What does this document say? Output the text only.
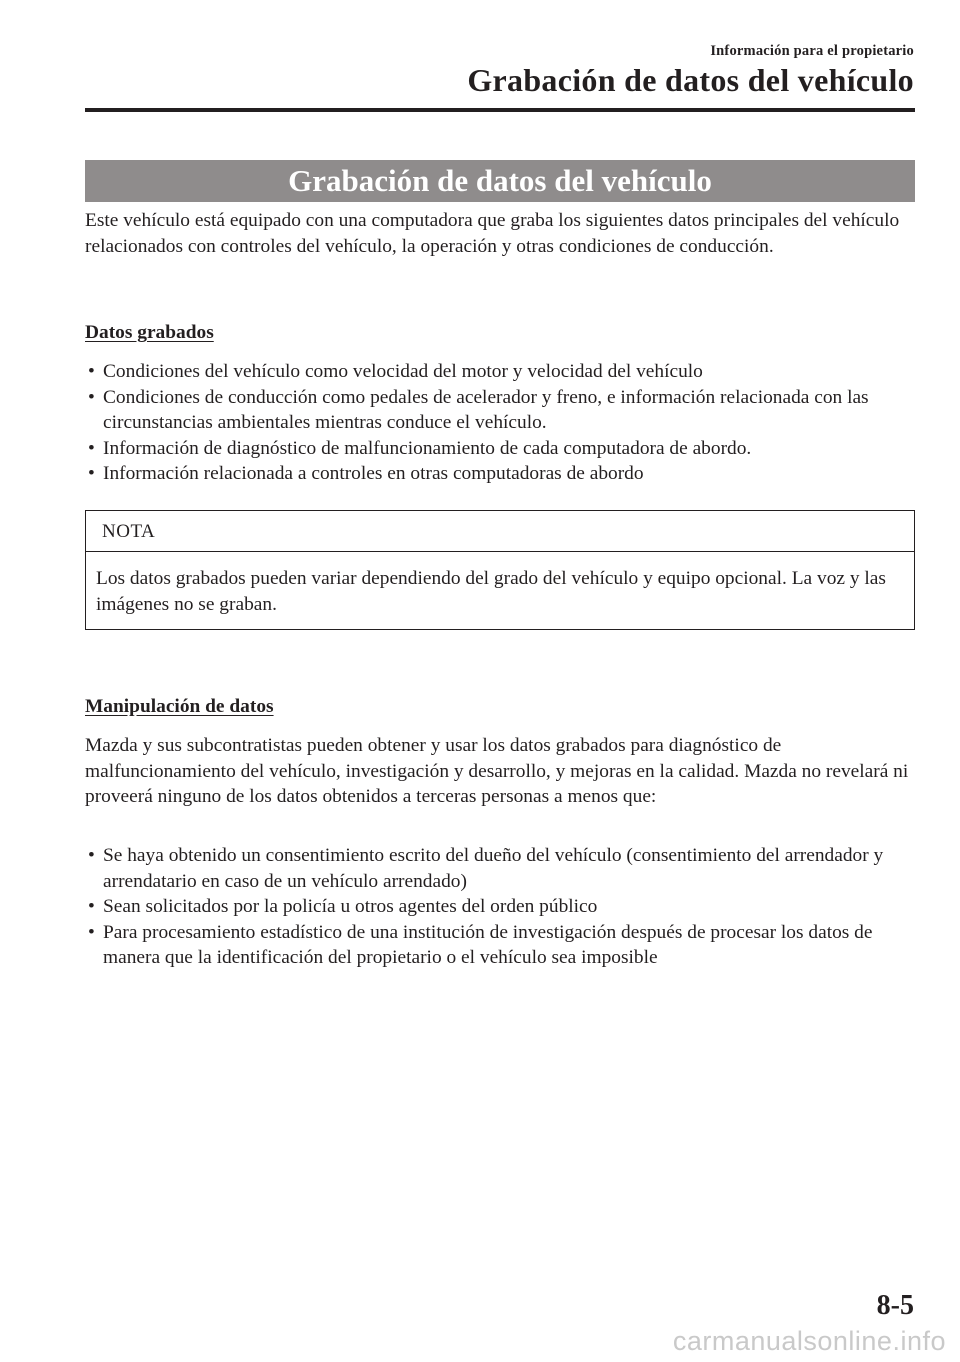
Información para el propietario
Grabación de datos del vehículo
Grabación de datos del vehículo
Este vehículo está equipado con una computadora que graba los siguientes datos principales del vehículo relacionados con controles del vehículo, la operación y otras condiciones de conducción.
Datos grabados
• Condiciones del vehículo como velocidad del motor y velocidad del vehículo
• Condiciones de conducción como pedales de acelerador y freno, e información relacionada con las circunstancias ambientales mientras conduce el vehículo.
• Información de diagnóstico de malfuncionamiento de cada computadora de abordo.
• Información relacionada a controles en otras computadoras de abordo
NOTA
Los datos grabados pueden variar dependiendo del grado del vehículo y equipo opcional. La voz y las imágenes no se graban.
Manipulación de datos
Mazda y sus subcontratistas pueden obtener y usar los datos grabados para diagnóstico de malfuncionamiento del vehículo, investigación y desarrollo, y mejoras en la calidad. Mazda no revelará ni proveerá ninguno de los datos obtenidos a terceras personas a menos que:
• Se haya obtenido un consentimiento escrito del dueño del vehículo (consentimiento del arrendador y arrendatario en caso de un vehículo arrendado)
• Sean solicitados por la policía u otros agentes del orden público
• Para procesamiento estadístico de una institución de investigación después de procesar los datos de manera que la identificación del propietario o el vehículo sea imposible
8-5
carmanualsonline.info
